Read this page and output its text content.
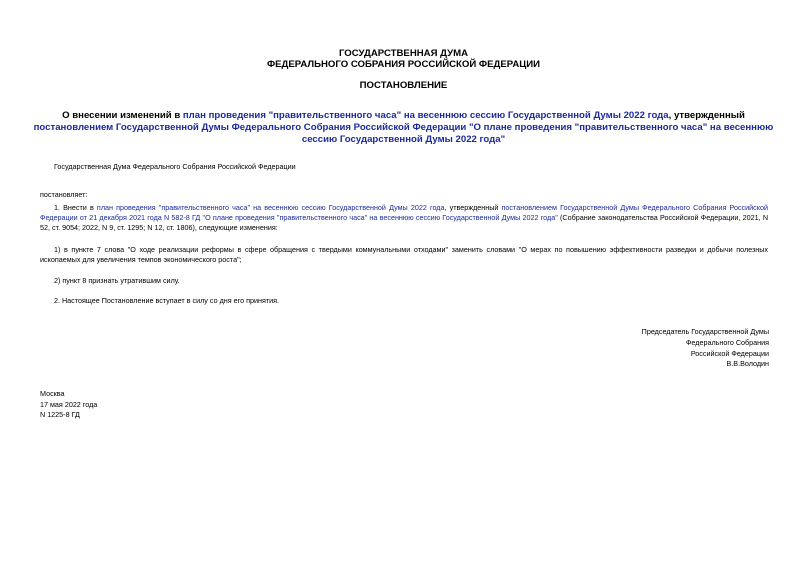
ГОСУДАРСТВЕННАЯ ДУМА
ФЕДЕРАЛЬНОГО СОБРАНИЯ РОССИЙСКОЙ ФЕДЕРАЦИИ
ПОСТАНОВЛЕНИЕ
О внесении изменений в план проведения "правительственного часа" на весеннюю сессию Государственной Думы 2022 года, утвержденный постановлением Государственной Думы Федерального Собрания Российской Федерации "О плане проведения "правительственного часа" на весеннюю сессию Государственной Думы 2022 года"
Государственная Дума Федерального Собрания Российской Федерации
постановляет:
1. Внести в план проведения "правительственного часа" на весеннюю сессию Государственной Думы 2022 года, утвержденный постановлением Государственной Думы Федерального Собрания Российской Федерации от 21 декабря 2021 года N 582-8 ГД "О плане проведения "правительственного часа" на весеннюю сессию Государственной Думы 2022 года" (Собрание законодательства Российской Федерации, 2021, N 52, ст. 9054; 2022, N 9, ст. 1295; N 12, ст. 1806), следующие изменения:
1) в пункте 7 слова "О ходе реализации реформы в сфере обращения с твердыми коммунальными отходами" заменить словами "О мерах по повышению эффективности разведки и добычи полезных ископаемых для увеличения темпов экономического роста";
2) пункт 8 признать утратившим силу.
2. Настоящее Постановление вступает в силу со дня его принятия.
Председатель Государственной Думы
Федерального Собрания
Российской Федерации
В.В.Володин
Москва
17 мая 2022 года
N 1225-8 ГД
